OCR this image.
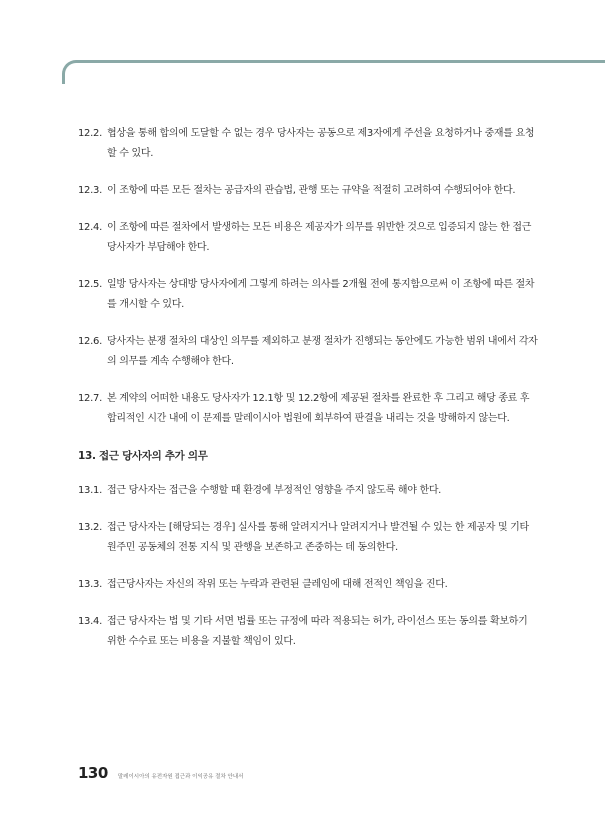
12.2. 협상을 통해 합의에 도달할 수 없는 경우 당사자는 공동으로 제3자에게 주선을 요청하거나 중재를 요청할 수 있다.
12.3. 이 조항에 따른 모든 절차는 공급자의 관습법, 관행 또는 규약을 적절히 고려하여 수행되어야 한다.
12.4. 이 조항에 따른 절차에서 발생하는 모든 비용은 제공자가 의무를 위반한 것으로 입증되지 않는 한 접근당사자가 부담해야 한다.
12.5. 일방 당사자는 상대방 당사자에게 그렇게 하려는 의사를 2개월 전에 통지함으로써 이 조항에 따른 절차를 개시할 수 있다.
12.6. 당사자는 분쟁 절차의 대상인 의무를 제외하고 분쟁 절차가 진행되는 동안에도 가능한 범위 내에서 각자의 의무를 계속 수행해야 한다.
12.7. 본 계약의 어떠한 내용도 당사자가 12.1항 및 12.2항에 제공된 절차를 완료한 후 그리고 해당 종료 후 합리적인 시간 내에 이 문제를 말레이시아 법원에 회부하여 판결을 내리는 것을 방해하지 않는다.
13. 접근 당사자의 추가 의무
13.1. 접근 당사자는 접근을 수행할 때 환경에 부정적인 영향을 주지 않도록 해야 한다.
13.2. 접근 당사자는 [해당되는 경우] 실사를 통해 알려지거나 알려지거나 발견될 수 있는 한 제공자 및 기타 원주민 공동체의 전통 지식 및 관행을 보존하고 존중하는 데 동의한다.
13.3. 접근당사자는 자신의 작위 또는 누락과 관련된 클레임에 대해 전적인 책임을 진다.
13.4. 접근 당사자는 법 및 기타 서면 법률 또는 규정에 따라 적용되는 허가, 라이선스 또는 동의를 확보하기 위한 수수료 또는 비용을 지불할 책임이 있다.
130 말레이시아의 유전자원 접근과 이익공유 절차 안내서
